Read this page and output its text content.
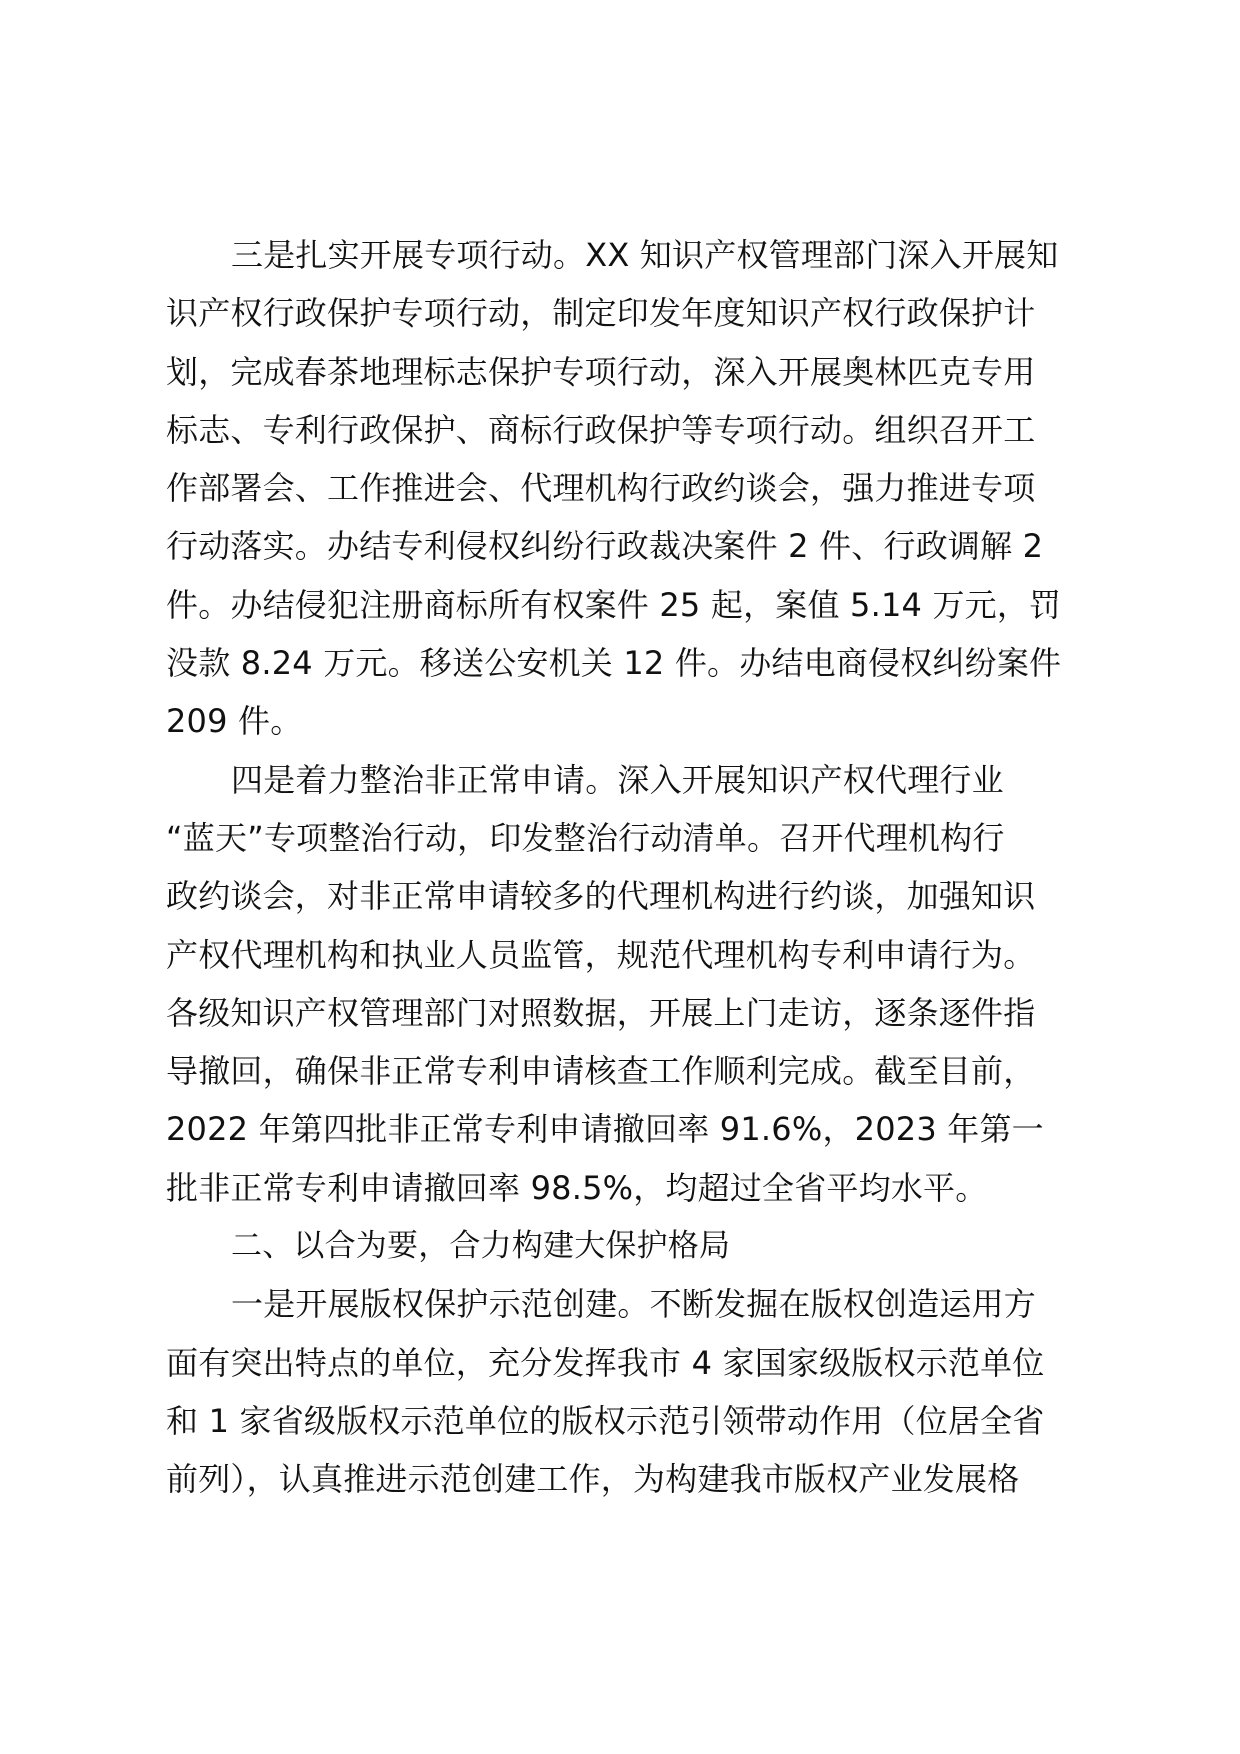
三是扎实开展专项行动。XX 知识产权管理部门深入开展知
识产权行政保护专项行动，制定印发年度知识产权行政保护计
划，完成春茶地理标志保护专项行动，深入开展奥林匹克专用
标志、专利行政保护、商标行政保护等专项行动。组织召开工
作部署会、工作推进会、代理机构行政约谈会，强力推进专项
行动落实。办结专利侵权纠纷行政裁决案件 2 件、行政调解 2
件。办结侵犯注册商标所有权案件 25 起，案值 5.14 万元，罚
没款 8.24 万元。移送公安机关 12 件。办结电商侵权纠纷案件
209 件。
四是着力整治非正常申请。深入开展知识产权代理行业
“蓝天”专项整治行动，印发整治行动清单。召开代理机构行
政约谈会，对非正常申请较多的代理机构进行约谈，加强知识
产权代理机构和执业人员监管，规范代理机构专利申请行为。
各级知识产权管理部门对照数据，开展上门走访，逐条逐件指
导撤回，确保非正常专利申请核查工作顺利完成。截至目前，
2022 年第四批非正常专利申请撤回率 91.6%，2023 年第一
批非正常专利申请撤回率 98.5%，均超过全省平均水平。
二、以合为要，合力构建大保护格局
一是开展版权保护示范创建。不断发掘在版权创造运用方
面有突出特点的单位，充分发挥我市 4 家国家级版权示范单位
和 1 家省级版权示范单位的版权示范引领带动作用（位居全省
前列），认真推进示范创建工作，为构建我市版权产业发展格
